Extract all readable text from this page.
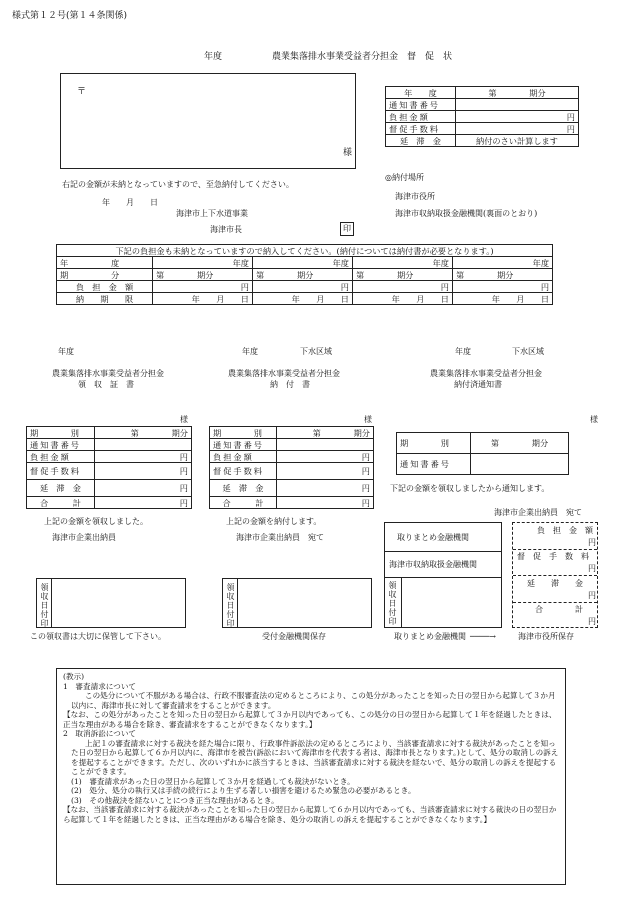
様式第１２号(第１４条関係)
年度	農業集落排水事業受益者分担金　督　促　状
〒
様
年　　度	第　　　　期分
通知書番号	
負担金額	円
督促手数料	円
延　滞　金	納付のさい計算します
右記の金額が未納となっていますので、至急納付してください。
年　　月　　日
海津市上下水道事業
海津市長	印
◎納付場所
海津市役所
海津市収納取扱金融機関(裏面のとおり)
下記の負担金も未納となっていますので納入してください。(納付については納付書が必要となります。)				
年　　　　度	年度	年度	年度	年度
期　　　　分	第　　　　期分	第　　　　期分	第　　　　期分	第　　　　期分
負　担　金　額	円	円	円	円
納　　期　　限	年　　月　　日	年　　月　　日	年　　月　　日	年　　月　　日
年度
農業集落排水事業受益者分担金
領　収　証　書
様
期　　　別	第　　　　期分
通知書番号	
負担金額	円
督促手数料	円
延　滞　金	円
合　　　計	円
上記の金額を領収しました。
海津市企業出納員
領収日付印
この領収書は大切に保管して下さい。
年度	下水区域
農業集落排水事業受益者分担金
納　付　書
様
期　　　別	第　　　　期分
通知書番号	
負担金額	円
督促手数料	円
延　滞　金	円
合　　　計	円
上記の金額を納付します。
海津市企業出納員　宛て
領収日付印
受付金融機関保存
年度	下水区域
農業集落排水事業受益者分担金
納付済通知書
様
期　　　別	第　　　　期分
通知書番号	
下記の金額を領収しましたから通知します。
海津市企業出納員　宛て
取りまとめ金融機関
海津市収納取扱金融機関
領収日付印
負　担　金　額
円
督　促　手　数　料
円
延　　滞　　金
円
合　　　　計
円
取りまとめ金融機関 ────→	海津市役所保存
(教示)
1　審査請求について
この処分について不服がある場合は、行政不服審査法の定めるところにより、この処分があったことを知った日の翌日から起算して３か月以内に、海津市長に対して審査請求をすることができます。
【なお、この処分があったことを知った日の翌日から起算して３か月以内であっても、この処分の日の翌日から起算して１年を経過したときは、正当な理由がある場合を除き、審査請求をすることができなくなります。】
2　取消訴訟について
上記１の審査請求に対する裁決を経た場合に限り、行政事件訴訟法の定めるところにより、当該審査請求に対する裁決があったことを知った日の翌日から起算して６か月以内に、海津市を被告(訴訟において海津市を代表する者は、海津市長となります。)として、処分の取消しの訴えを提起することができます。ただし、次のいずれかに該当するときは、当該審査請求に対する裁決を経ないで、処分の取消しの訴えを提起することができます。
(1)　審査請求があった日の翌日から起算して３か月を経過しても裁決がないとき。
(2)　処分、処分の執行又は手続の続行により生ずる著しい損害を避けるため緊急の必要があるとき。
(3)　その他裁決を経ないことにつき正当な理由があるとき。
【なお、当該審査請求に対する裁決があったことを知った日の翌日から起算して６か月以内であっても、当該審査請求に対する裁決の日の翌日から起算して１年を経過したときは、正当な理由がある場合を除き、処分の取消しの訴えを提起することができなくなります。】
